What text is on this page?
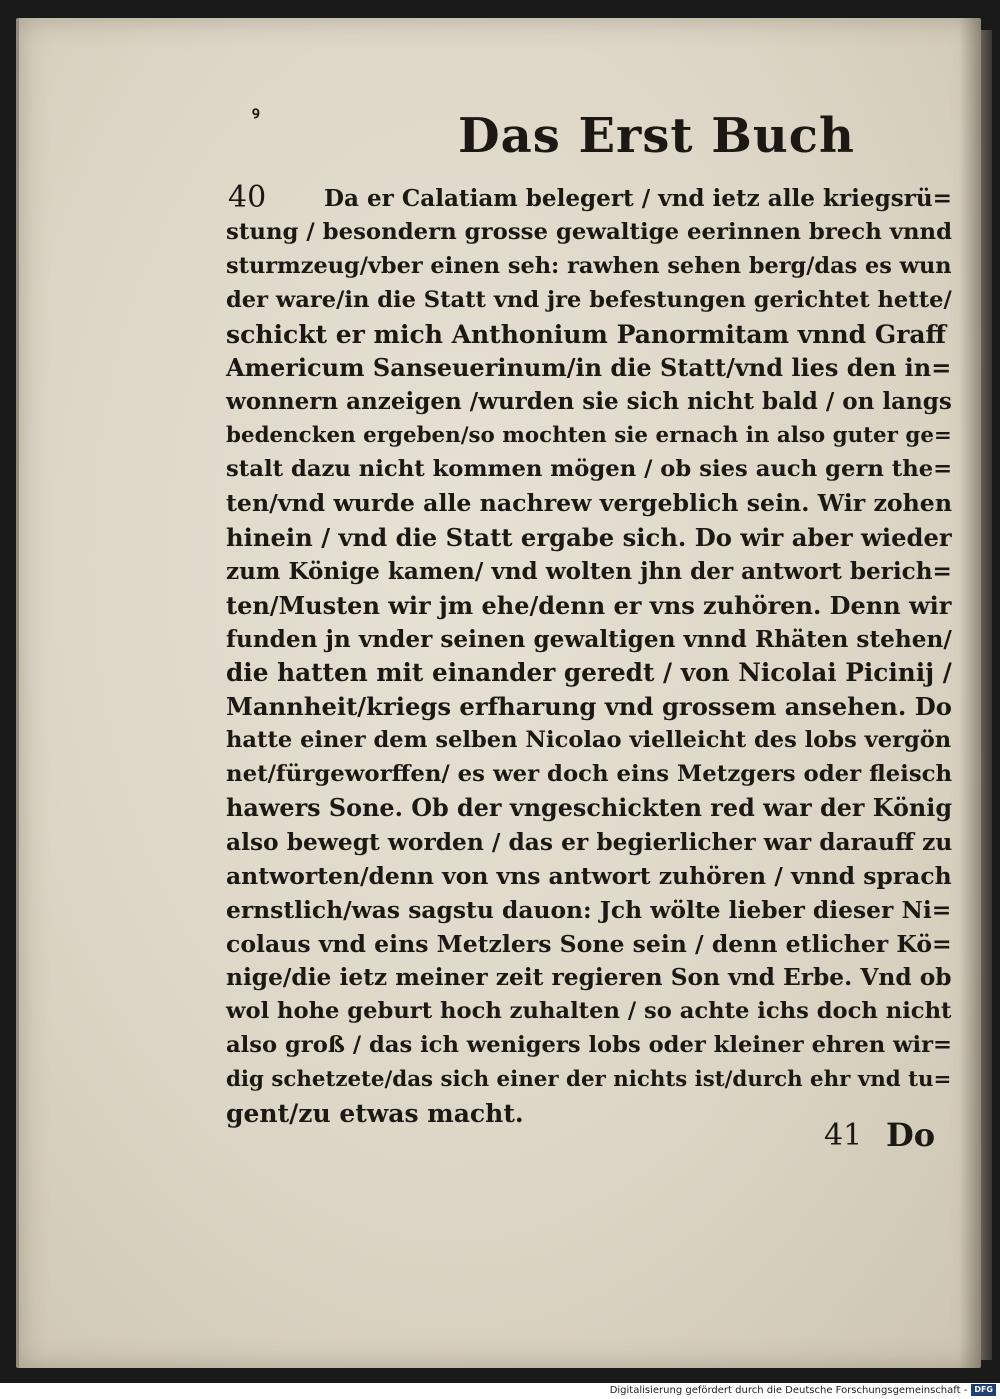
ꝰ	Das Erst Buch
40	Da er Calatiam belegert / vnd ietz alle kriegsrü=
stung / besondern grosse gewaltige eerinnen brech vnnd
sturmzeug/vber einen seh: rawhen sehen berg/das es wun
der ware/in die Statt vnd jre befestungen gerichtet hette/
schickt er mich Anthonium Panormitam vnnd Graff
Americum Sanseuerinum/in die Statt/vnd lies den in=
wonnern anzeigen /wurden sie sich nicht bald / on langs
bedencken ergeben/so mochten sie ernach in also guter ge=
stalt dazu nicht kommen mögen / ob sies auch gern the=
ten/vnd wurde alle nachrew vergeblich sein. Wir zohen
hinein / vnd die Statt ergabe sich. Do wir aber wieder
zum Könige kamen/ vnd wolten jhn der antwort berich=
ten/Musten wir jm ehe/denn er vns zuhören. Denn wir
funden jn vnder seinen gewaltigen vnnd Rhäten stehen/
die hatten mit einander geredt / von Nicolai Picinij /
Mannheit/kriegs erfharung vnd grossem ansehen. Do
hatte einer dem selben Nicolao vielleicht des lobs vergön
net/fürgeworffen/ es wer doch eins Metzgers oder fleisch
hawers Sone. Ob der vngeschickten red war der König
also bewegt worden / das er begierlicher war darauff zu
antworten/denn von vns antwort zuhören / vnnd sprach
ernstlich/was sagstu dauon: Jch wölte lieber dieser Ni=
colaus vnd eins Metzlers Sone sein / denn etlicher Kö=
nige/die ietz meiner zeit regieren Son vnd Erbe. Vnd ob
wol hohe geburt hoch zuhalten / so achte ichs doch nicht
also groß / das ich wenigers lobs oder kleiner ehren wir=
dig schetzete/das sich einer der nichts ist/durch ehr vnd tu=
gent/zu etwas macht.
41 Do
Digitalisierung gefördert durch die Deutsche Forschungsgemeinschaft - DFG
